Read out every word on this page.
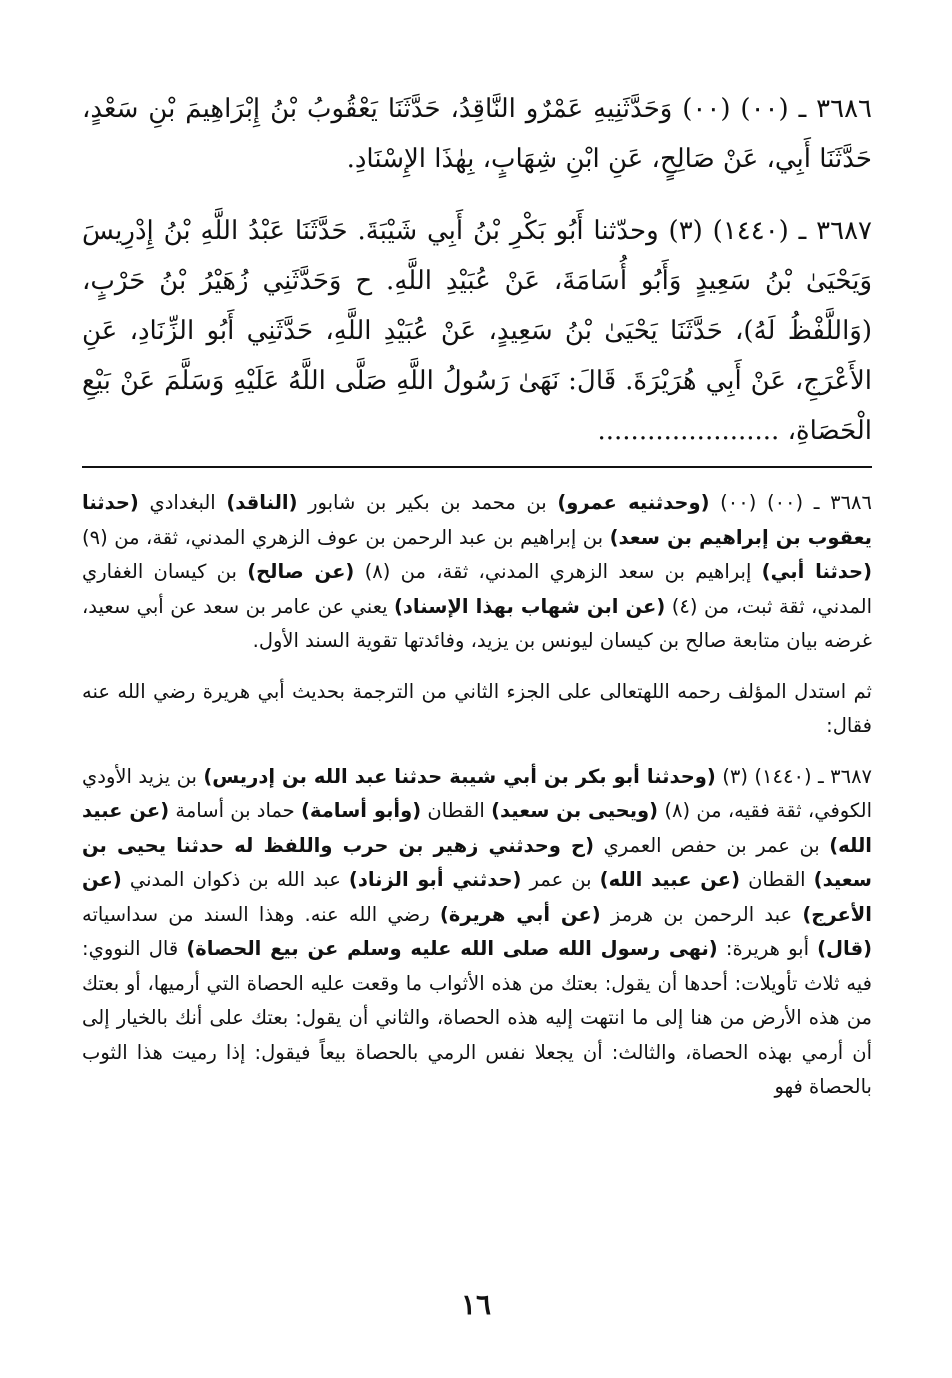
٣٦٨٦ ـ (٠٠) (٠٠) وَحَدَّثَنِيهِ عَمْرٌو النَّاقِدُ، حَدَّثَنَا يَعْقُوبُ بْنُ إِبْرَاهِيمَ بْنِ سَعْدٍ، حَدَّثَنَا أَبِي، عَنْ صَالِحٍ، عَنِ ابْنِ شِهَابٍ، بِهٰذَا الإِسْنَادِ.

٣٦٨٧ ـ (١٤٤٠) (٣) وحدّثنا أَبُو بَكْرِ بْنُ أَبِي شَيْبَةَ. حَدَّثَنَا عَبْدُ اللَّهِ بْنُ إِدْرِيسَ وَيَحْيَىٰ بْنُ سَعِيدٍ وَأَبُو أُسَامَةَ، عَنْ عُبَيْدِ اللَّهِ. ح وَحَدَّثَنِي زُهَيْرُ بْنُ حَرْبٍ، (وَاللَّفْظُ لَهُ)، حَدَّثَنَا يَحْيَىٰ بْنُ سَعِيدٍ، عَنْ عُبَيْدِ اللَّهِ، حَدَّثَنِي أَبُو الزِّنَادِ، عَنِ الأَعْرَجِ، عَنْ أَبِي هُرَيْرَةَ. قَالَ: نَهَىٰ رَسُولُ اللَّهِ صَلَّى اللَّهُ عَلَيْهِ وَسَلَّمَ عَنْ بَيْعِ الْحَصَاةِ، ......................

٣٦٨٦ ـ (٠٠) (٠٠) (وحدثنيه عمرو) بن محمد بن بكير بن شابور (الناقد) البغدادي (حدثنا يعقوب بن إبراهيم بن سعد) بن إبراهيم بن عبد الرحمن بن عوف الزهري المدني، ثقة، من (٩) (حدثنا أبي) إبراهيم بن سعد الزهري المدني، ثقة، من (٨) (عن صالح) بن كيسان الغفاري المدني، ثقة ثبت، من (٤) (عن ابن شهاب بهذا الإسناد) يعني عن عامر بن سعد عن أبي سعيد، غرضه بيان متابعة صالح بن كيسان ليونس بن يزيد، وفائدتها تقوية السند الأول.

ثم استدل المؤلف رحمه اللهتعالى على الجزء الثاني من الترجمة بحديث أبي هريرة رضي الله عنه فقال:

٣٦٨٧ ـ (١٤٤٠) (٣) (وحدثنا أبو بكر بن أبي شيبة حدثنا عبد الله بن إدريس) بن يزيد الأودي الكوفي، ثقة فقيه، من (٨) (ويحيى بن سعيد) القطان (وأبو أسامة) حماد بن أسامة (عن عبيد الله) بن عمر بن حفص العمري (ح وحدثني زهير بن حرب واللفظ له حدثنا يحيى بن سعيد) القطان (عن عبيد الله) بن عمر (حدثني أبو الزناد) عبد الله بن ذكوان المدني (عن الأعرج) عبد الرحمن بن هرمز (عن أبي هريرة) رضي الله عنه. وهذا السند من سداسياته (قال) أبو هريرة: (نهى رسول الله صلى الله عليه وسلم عن بيع الحصاة) قال النووي: فيه ثلاث تأويلات: أحدها أن يقول: بعتك من هذه الأثواب ما وقعت عليه الحصاة التي أرميها، أو بعتك من هذه الأرض من هنا إلى ما انتهت إليه هذه الحصاة، والثاني أن يقول: بعتك على أنك بالخيار إلى أن أرمي بهذه الحصاة، والثالث: أن يجعلا نفس الرمي بالحصاة بيعاً فيقول: إذا رميت هذا الثوب بالحصاة فهو

١٦
